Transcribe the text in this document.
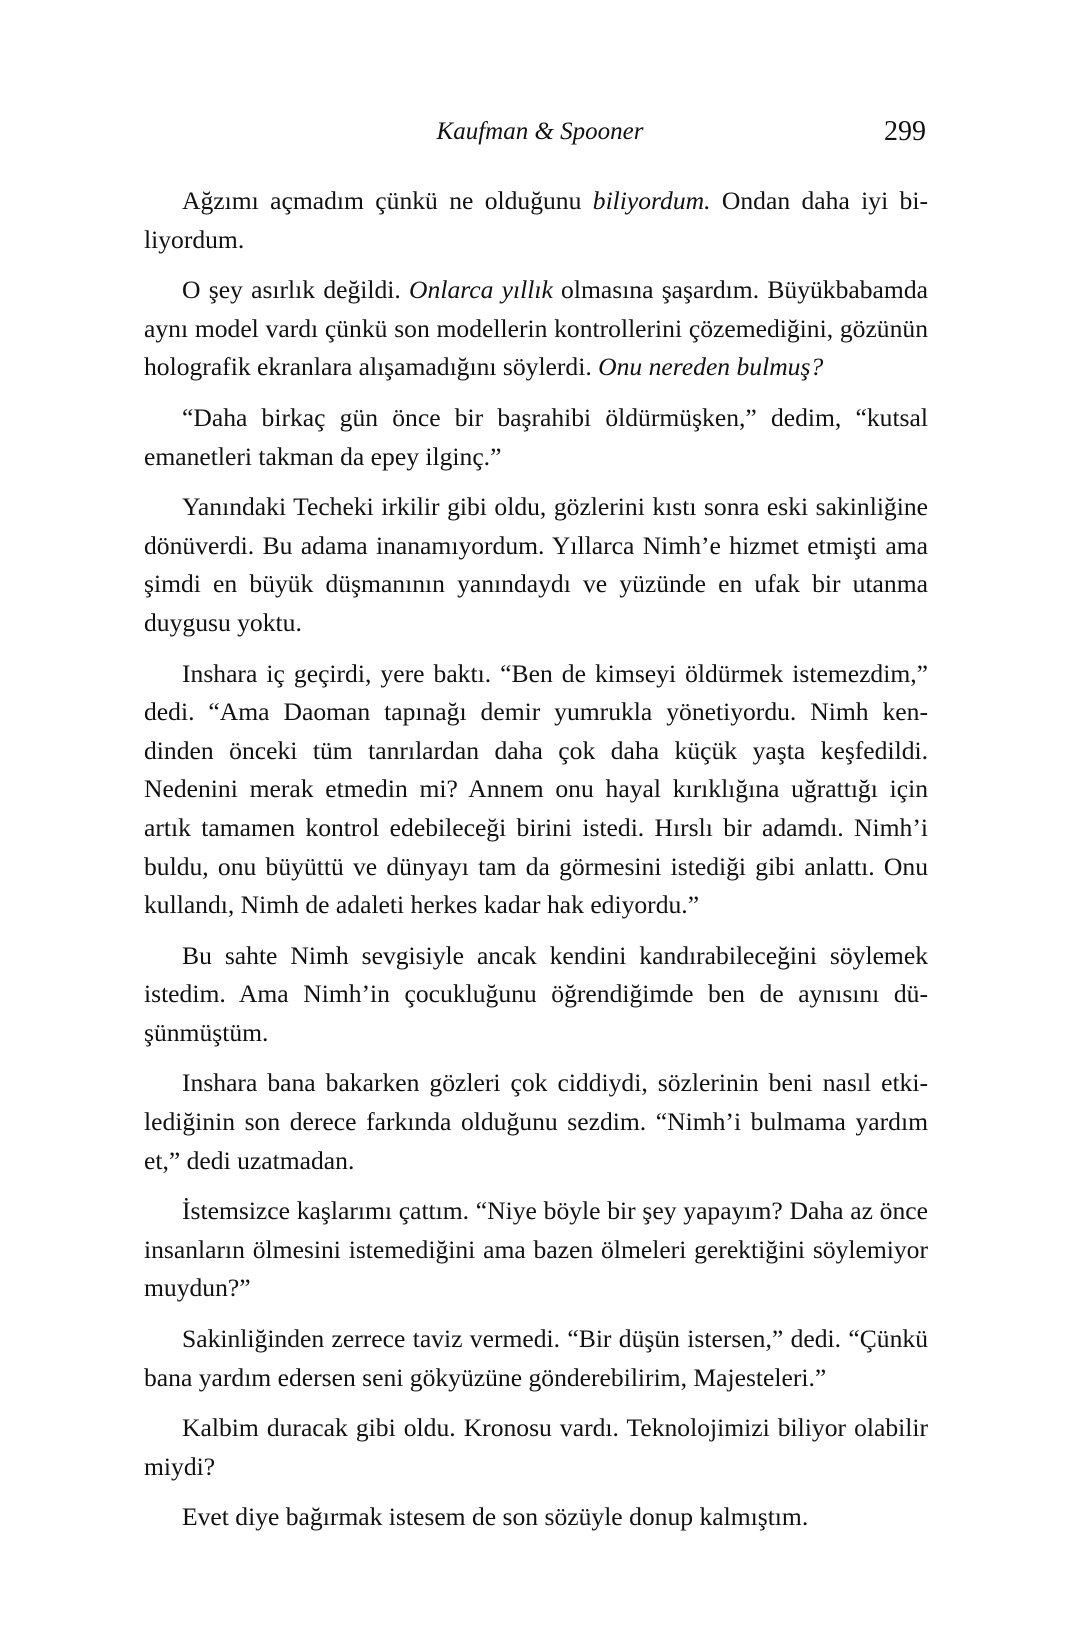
Kaufman & Spooner	299

Ağzımı açmadım çünkü ne olduğunu biliyordum. Ondan daha iyi biliyordum.

O şey asırlık değildi. Onlarca yıllık olmasına şaşardım. Büyükbabamda aynı model vardı çünkü son modellerin kontrollerini çözemediğini, gözünün holografik ekranlara alışamadığını söylerdi. Onu nereden bulmuş?

“Daha birkaç gün önce bir başrahibi öldürmüşken,” dedim, “kutsal emanetleri takman da epey ilginç.”

Yanındaki Techeki irkilir gibi oldu, gözlerini kıstı sonra eski sakinliğine dönüverdi. Bu adama inanamıyordum. Yıllarca Nimh’e hizmet etmişti ama şimdi en büyük düşmanının yanındaydı ve yüzünde en ufak bir utanma duygusu yoktu.

Inshara iç geçirdi, yere baktı. “Ben de kimseyi öldürmek istemezdim,” dedi. “Ama Daoman tapınağı demir yumrukla yönetiyordu. Nimh kendinden önceki tüm tanrılardan daha çok daha küçük yaşta keşfedildi. Nedenini merak etmedin mi? Annem onu hayal kırıklığına uğrattığı için artık tamamen kontrol edebileceği birini istedi. Hırslı bir adamdı. Nimh’i buldu, onu büyüttü ve dünyayı tam da görmesini istediği gibi anlattı. Onu kullandı, Nimh de adaleti herkes kadar hak ediyordu.”

Bu sahte Nimh sevgisiyle ancak kendini kandırabileceğini söylemek istedim. Ama Nimh’in çocukluğunu öğrendiğimde ben de aynısını düşünmüştüm.

Inshara bana bakarken gözleri çok ciddiydi, sözlerinin beni nasıl etkilediğinin son derece farkında olduğunu sezdim. “Nimh’i bulmama yardım et,” dedi uzatmadan.

İstemsizce kaşlarımı çattım. “Niye böyle bir şey yapayım? Daha az önce insanların ölmesini istemediğini ama bazen ölmeleri gerektiğini söylemiyor muydun?”

Sakinliğinden zerrece taviz vermedi. “Bir düşün istersen,” dedi. “Çünkü bana yardım edersen seni gökyüzüne gönderebilirim, Majesteleri.”

Kalbim duracak gibi oldu. Kronosu vardı. Teknolojimizi biliyor olabilir miydi?

Evet diye bağırmak istesem de son sözüyle donup kalmıştım.
